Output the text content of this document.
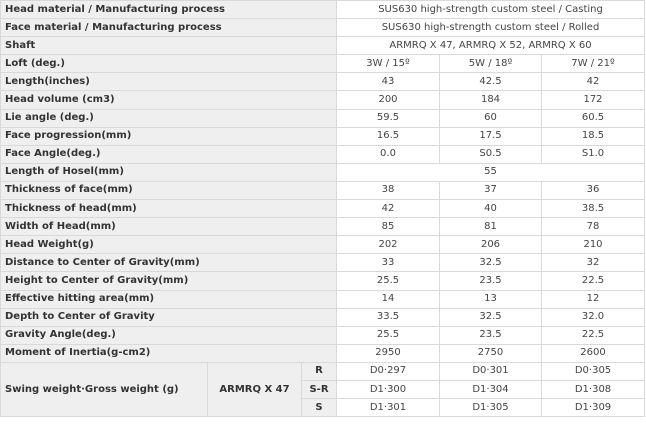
Head material / Manufacturing process			SUS630 high-strength custom steel / Casting		
Face material / Manufacturing process			SUS630 high-strength custom steel / Rolled		
Shaft			ARMRQ X 47, ARMRQ X 52, ARMRQ X 60		
Loft (deg.)			3W / 15º	5W / 18º	7W / 21º
Length(inches)			43	42.5	42
Head volume (cm3)			200	184	172
Lie angle (deg.)			59.5	60	60.5
Face progression(mm)			16.5	17.5	18.5
Face Angle(deg.)			0.0	S0.5	S1.0
Length of Hosel(mm)			55		
Thickness of face(mm)			38	37	36
Thickness of head(mm)			42	40	38.5
Width of Head(mm)			85	81	78
Head Weight(g)			202	206	210
Distance to Center of Gravity(mm)			33	32.5	32
Height to Center of Gravity(mm)			25.5	23.5	22.5
Effective hitting area(mm)			14	13	12
Depth to Center of Gravity			33.5	32.5	32.0
Gravity Angle(deg.)			25.5	23.5	22.5
Moment of Inertia(g-cm2)			2950	2750	2600
Swing weight·Gross weight (g)	ARMRQ X 47	R	D0·297	D0·301	D0·305
		S-R	D1·300	D1·304	D1·308
		S	D1·301	D1·305	D1·309
